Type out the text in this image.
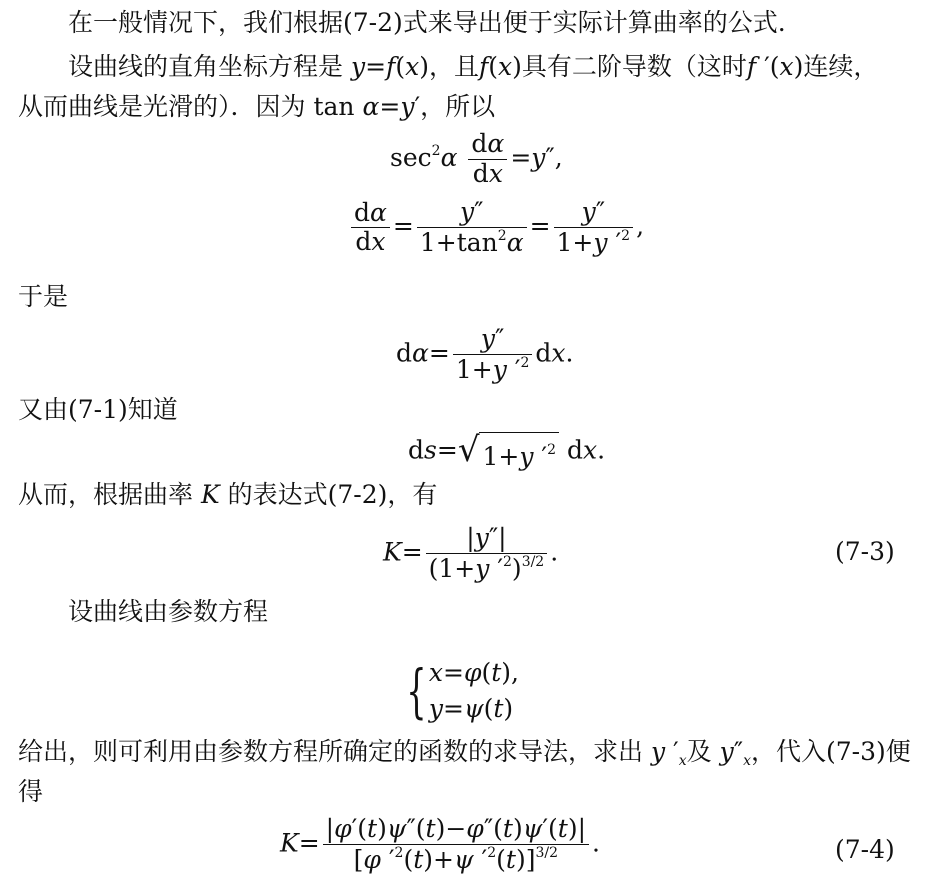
在一般情况下，我们根据(7-2)式来导出便于实际计算曲率的公式.
设曲线的直角坐标方程是 y=f(x)，且f(x)具有二阶导数（这时f ′(x)连续，
从而曲线是光滑的）．因为 tan α=y′，所以
$\sec^2\alpha \frac{d\alpha}{dx} =y''$,
$\frac{d\alpha}{dx} = \frac{y''}{1+\tan^2\alpha} = \frac{y''}{1+y '^2}$ ,
于是
$d\alpha= \frac{y''}{1+y '^2}$ dx.
又由(7-1)知道
ds= √ 1+y $'^2$ dx.
从而，根据曲率 K 的表达式(7-2)，有
$K= \frac{|y''|}{(1+y '^2)^{3/2}}$ .	(7-3)
设曲线由参数方程
{ x=φ(t),
y=ψ(t)
给出，则可利用由参数方程所确定的函数的求导法，求出 y $'_x$及 $y''_x$，代入(7-3)便
得
$K= \frac{|\varphi'(t)\psi''(t)-\varphi''(t)\psi'(t)|}{[\varphi '^2(t)+\psi '^2(t)]^{3/2}}$ .	(7-4)
